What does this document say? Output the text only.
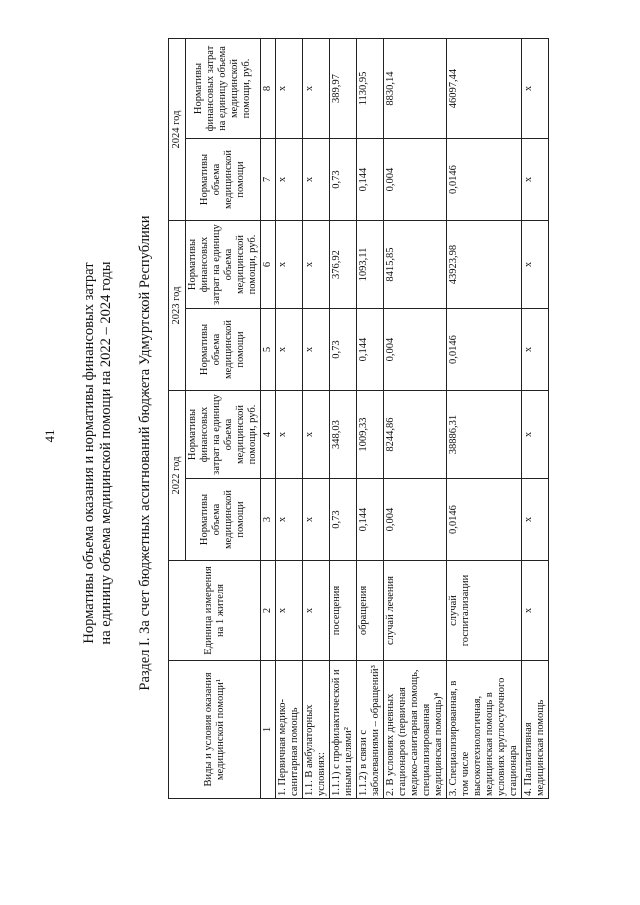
41 Нормативы объема оказания и нормативы финансовых затрат на единицу объема медицинской помощи на 2022 – 2024 годы Раздел I. За счет бюджетных ассигнований бюджета Удмуртской Республики
Виды и условия оказания медицинской помощи¹	Единица измерения на 1 жителя	2022 год		2023 год		2024 год	
		Нормативы объема медицинской помощи	Нормативы финансовых затрат на единицу объема медицинской помощи, руб.	Нормативы объема медицинской помощи	Нормативы финансовых затрат на единицу объема медицинской помощи, руб.	Нормативы объема медицинской помощи	Нормативы финансовых затрат на единицу объема медицинской помощи, руб.
1	2	3	4	5	6	7	8
1. Первичная медико-санитарная помощь	х	х	х	х	х	х	х
1.1. В амбулаторных условиях:	х	х	х	х	х	х	х
1.1.1) с профилактической и иными целями²	посещения	0,73	348,03	0,73	376,92	0,73	389,97
1.1.2) в связи с заболеваниями – обращений³	обращения	0,144	1009,33	0,144	1093,11	0,144	1130,95
2. В условиях дневных стационаров (первичная медико-санитарная помощь, специализированная медицинская помощь)⁴	случай лечения	0,004	8244,86	0,004	8415,85	0,004	8830,14
3. Специализированная, в том числе высокотехнологичная, медицинская помощь в условиях круглосуточного стационара	случай госпитализации	0,0146	38886,31	0,0146	43923,98	0,0146	46097,44
4. Паллиативная медицинская помощь	х	х	х	х	х	х	х
